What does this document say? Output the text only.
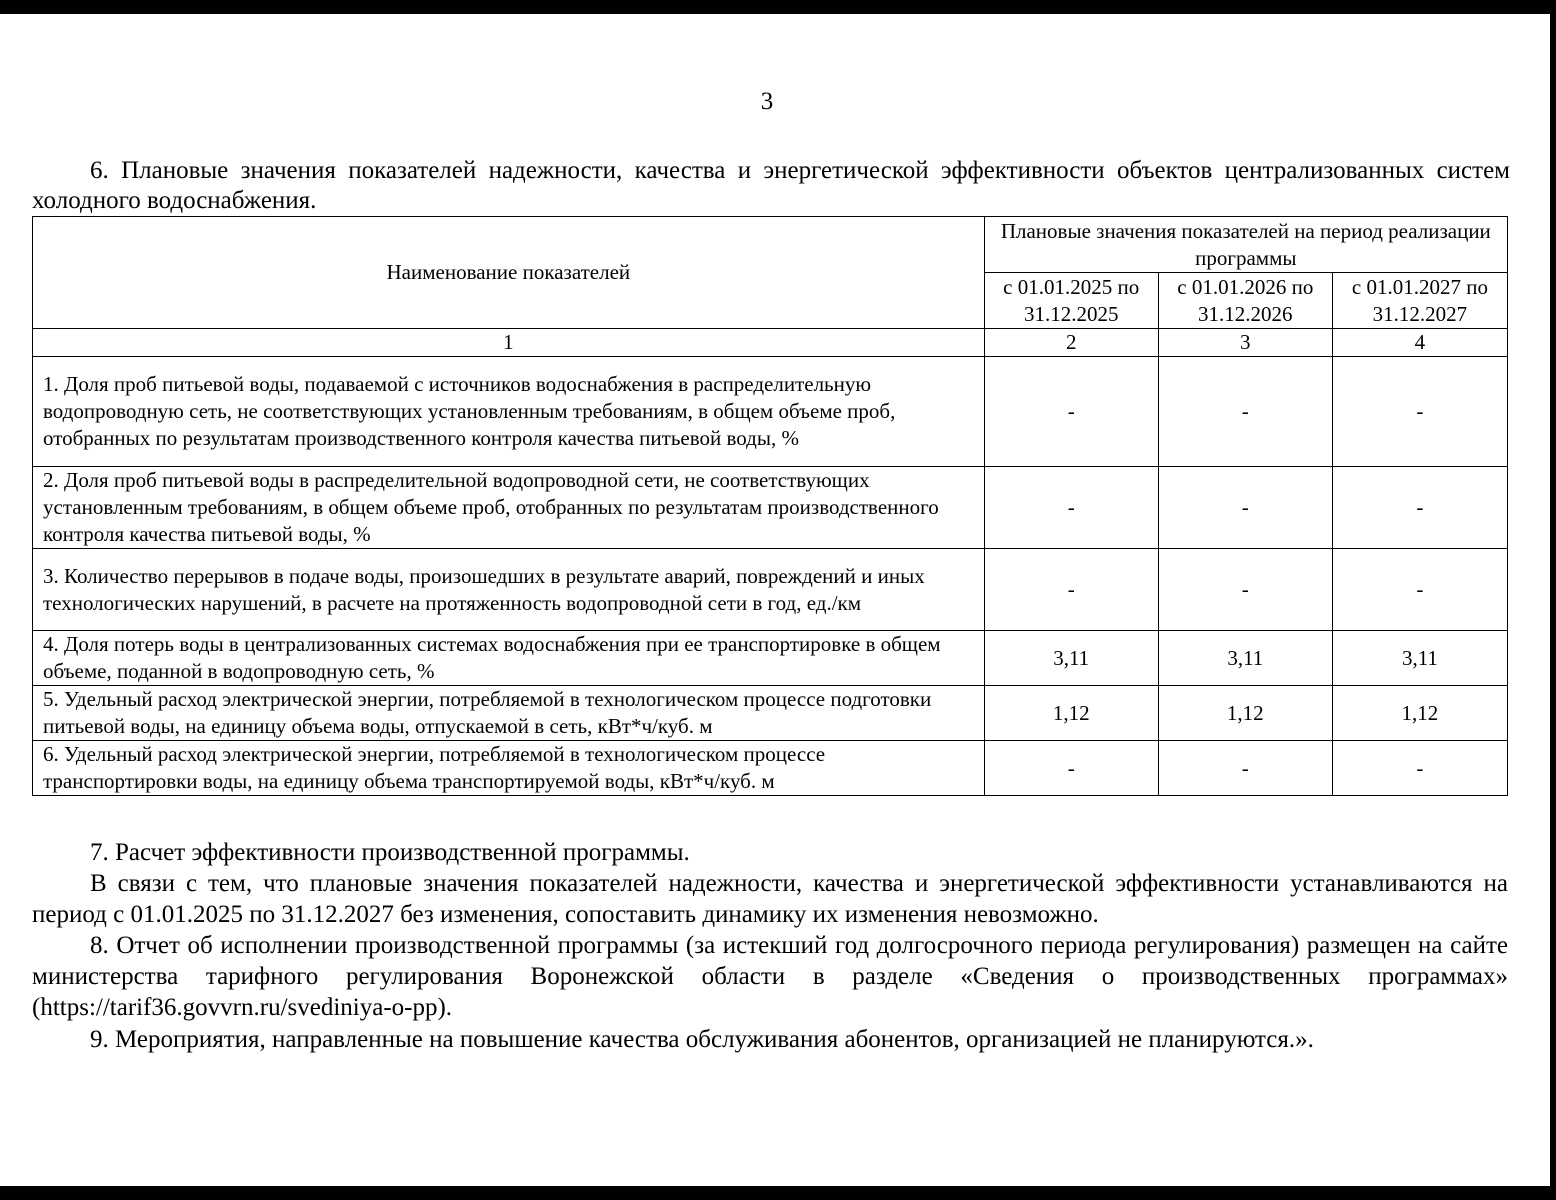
3
6. Плановые значения показателей надежности, качества и энергетической эффективности объектов централизованных систем холодного водоснабжения.
Наименование показателей	Плановые значения показателей на период реализации программы		
	с 01.01.2025 по 31.12.2025	с 01.01.2026 по 31.12.2026	с 01.01.2027 по 31.12.2027
1	2	3	4
1. Доля проб питьевой воды, подаваемой с источников водоснабжения в распределительную водопроводную сеть, не соответствующих установленным требованиям, в общем объеме проб, отобранных по результатам производственного контроля качества питьевой воды, %	-	-	-
2. Доля проб питьевой воды в распределительной водопроводной сети, не соответствующих установленным требованиям, в общем объеме проб, отобранных по результатам производственного контроля качества питьевой воды, %	-	-	-
3. Количество перерывов в подаче воды, произошедших в результате аварий, повреждений и иных технологических нарушений, в расчете на протяженность водопроводной сети в год, ед./км	-	-	-
4. Доля потерь воды в централизованных системах водоснабжения при ее транспортировке в общем объеме, поданной в водопроводную сеть, %	3,11	3,11	3,11
5. Удельный расход электрической энергии, потребляемой в технологическом процессе подготовки питьевой воды, на единицу объема воды, отпускаемой в сеть, кВт*ч/куб. м	1,12	1,12	1,12
6. Удельный расход электрической энергии, потребляемой в технологическом процессе транспортировки воды, на единицу объема транспортируемой воды, кВт*ч/куб. м	-	-	-
7. Расчет эффективности производственной программы.
В связи с тем, что плановые значения показателей надежности, качества и энергетической эффективности устанавливаются на период с 01.01.2025 по 31.12.2027 без изменения, сопоставить динамику их изменения невозможно.
8. Отчет об исполнении производственной программы (за истекший год долгосрочного периода регулирования) размещен на сайте министерства тарифного регулирования Воронежской области в разделе «Сведения о производственных программах» (https://tarif36.govvrn.ru/svediniya-o-pp).
9. Мероприятия, направленные на повышение качества обслуживания абонентов, организацией не планируются.».
